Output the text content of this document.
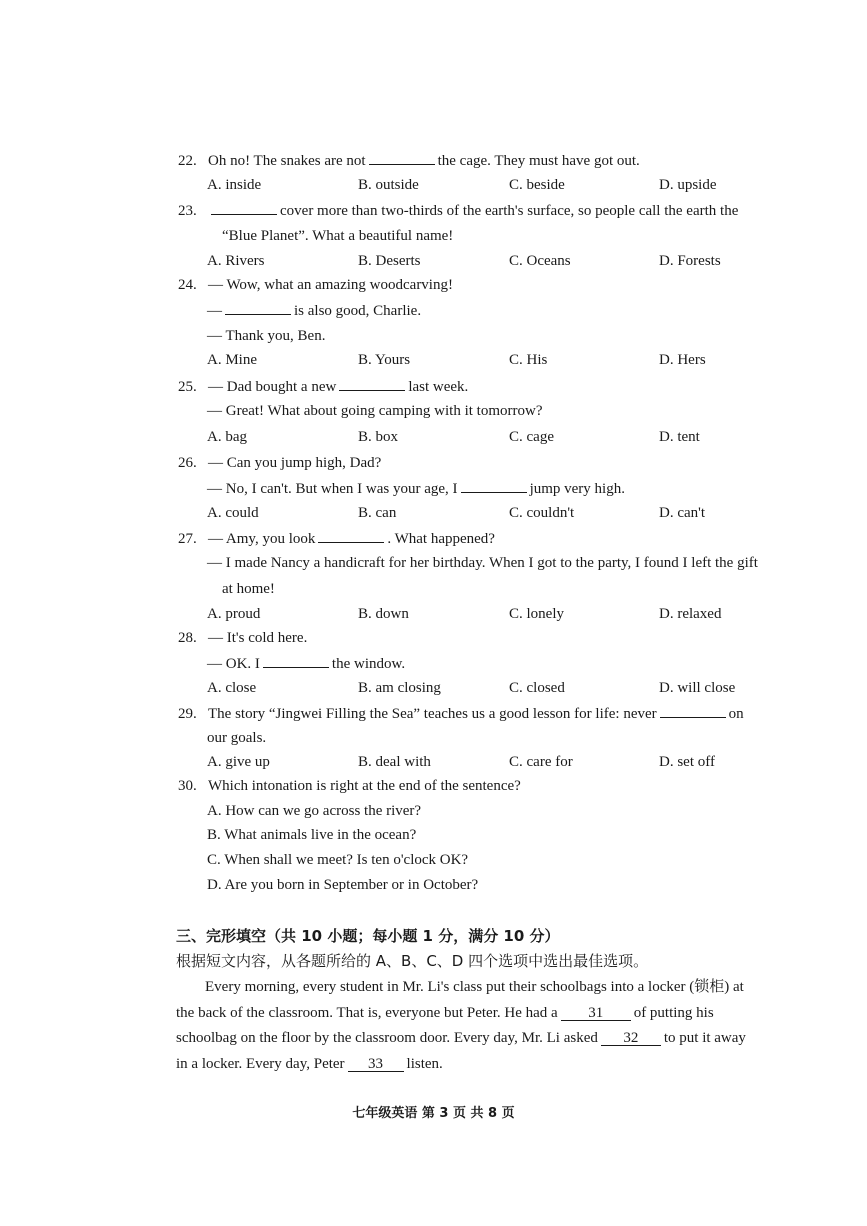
22. Oh no! The snakes are not	the cage. They must have got out.
A. inside	B. outside	C. beside	D. upside
23.	cover more than two-thirds of the earth's surface, so people call the earth the
“Blue Planet”. What a beautiful name!
A. Rivers	B. Deserts	C. Oceans	D. Forests
24. — Wow, what an amazing woodcarving!
—	is also good, Charlie.
— Thank you, Ben.
A. Mine	B. Yours	C. His	D. Hers
25. — Dad bought a new	last week.
— Great! What about going camping with it tomorrow?
A. bag	B. box	C. cage	D. tent
26. — Can you jump high, Dad?
— No, I can't. But when I was your age, I	jump very high.
A. could	B. can	C. couldn't	D. can't
27. — Amy, you look	. What happened?
— I made Nancy a handicraft for her birthday. When I got to the party, I found I left the gift
at home!
A. proud	B. down	C. lonely	D. relaxed
28. — It's cold here.
— OK. I	the window.
A. close	B. am closing	C. closed	D. will close
29. The story “Jingwei Filling the Sea” teaches us a good lesson for life: never	on
our goals.
A. give up	B. deal with	C. care for	D. set off
30. Which intonation is right at the end of the sentence?
A. How can we go across the river?
B. What animals live in the ocean?
C. When shall we meet? Is ten o'clock OK?
D. Are you born in September or in October?
三、完形填空（共 10 小题；每小题 1 分，满分 10 分）
根据短文内容，从各题所给的 A、B、C、D 四个选项中选出最佳选项。
Every morning, every student in Mr. Li's class put their schoolbags into a locker (锁柜) at
the back of the classroom. That is, everyone but Peter. He had a 31 of putting his
schoolbag on the floor by the classroom door. Every day, Mr. Li asked 32 to put it away
in a locker. Every day, Peter 33 listen.
七年级英语 第 3 页 共 8 页
